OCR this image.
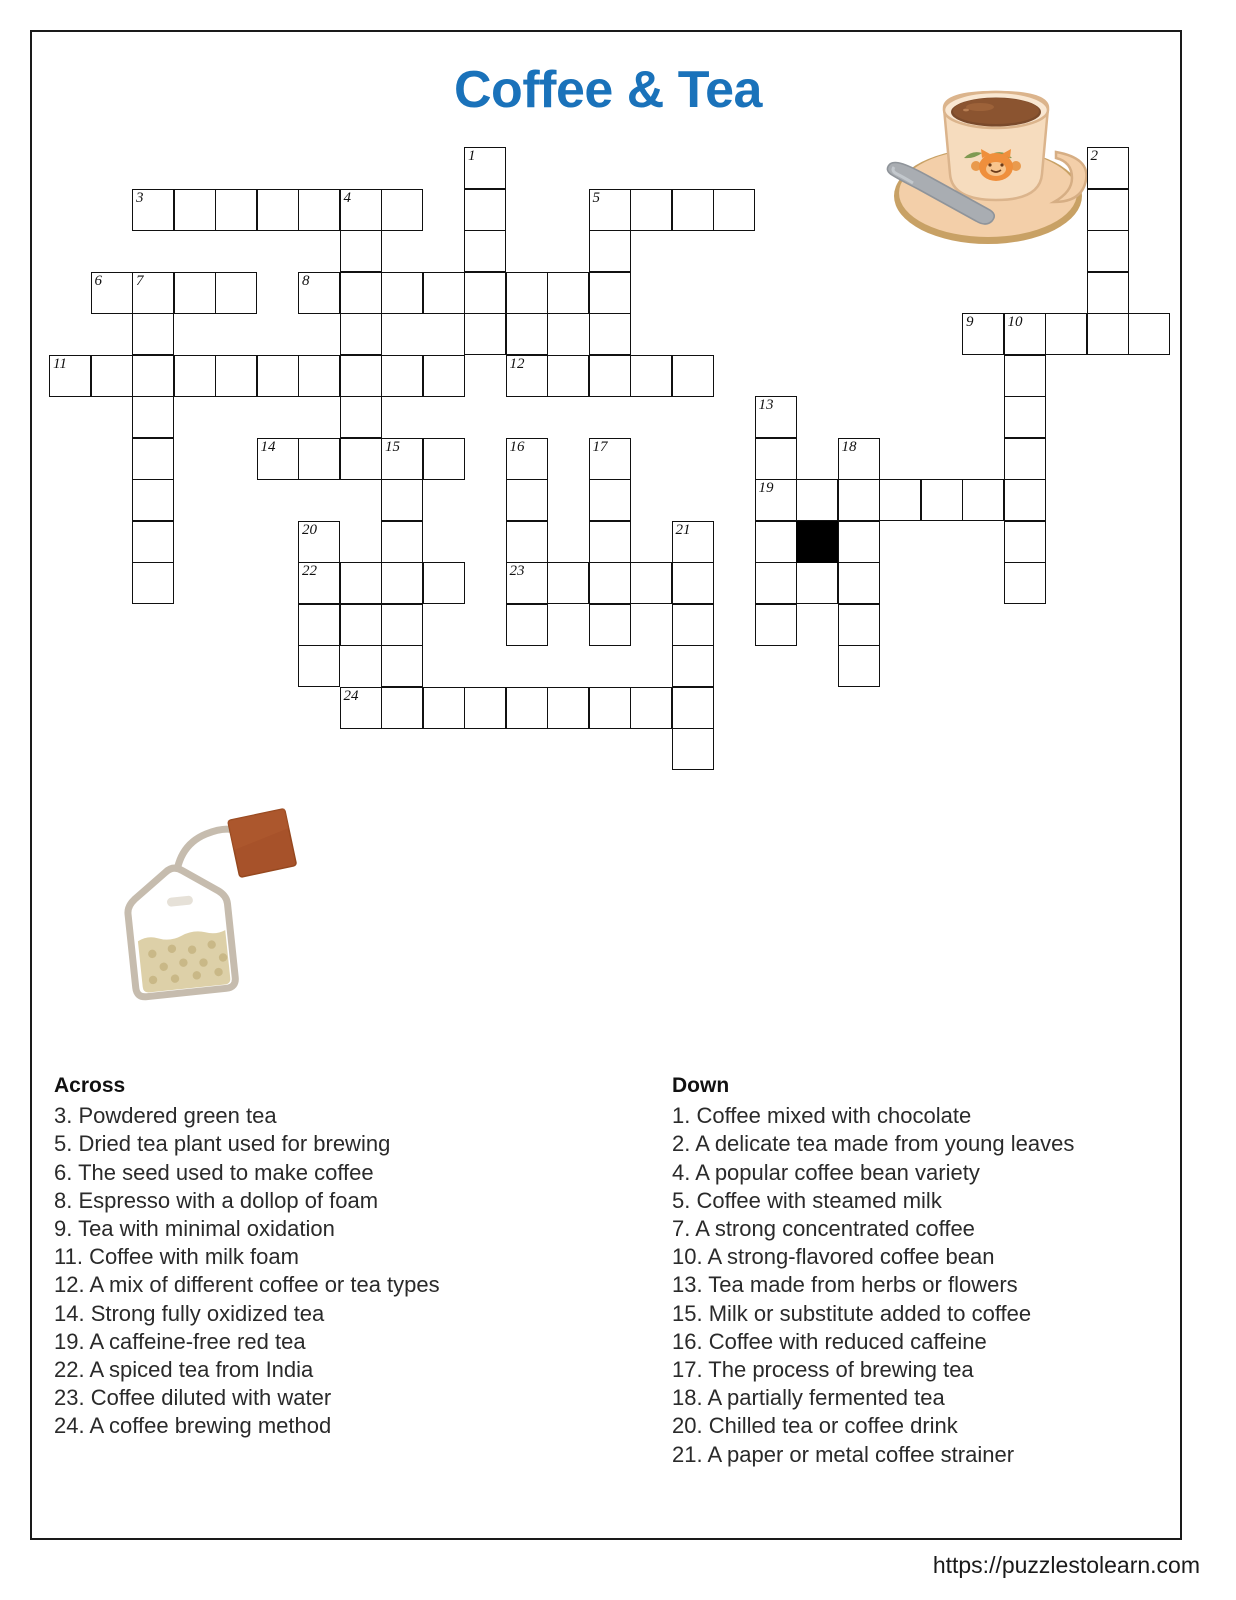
Coffee & Tea
1	2
3	4	5
6 7	8
9 10
11	12
13
14	15	16	17	18
19
20	21
22	23
24
Across
3. Powdered green tea
5. Dried tea plant used for brewing
6. The seed used to make coffee
8. Espresso with a dollop of foam
9. Tea with minimal oxidation
11. Coffee with milk foam
12. A mix of different coffee or tea types
14. Strong fully oxidized tea
19. A caffeine-free red tea
22. A spiced tea from India
23. Coffee diluted with water
24. A coffee brewing method
Down
1. Coffee mixed with chocolate
2. A delicate tea made from young leaves
4. A popular coffee bean variety
5. Coffee with steamed milk
7. A strong concentrated coffee
10. A strong-flavored coffee bean
13. Tea made from herbs or flowers
15. Milk or substitute added to coffee
16. Coffee with reduced caffeine
17. The process of brewing tea
18. A partially fermented tea
20. Chilled tea or coffee drink
21. A paper or metal coffee strainer
https://puzzlestolearn.com
